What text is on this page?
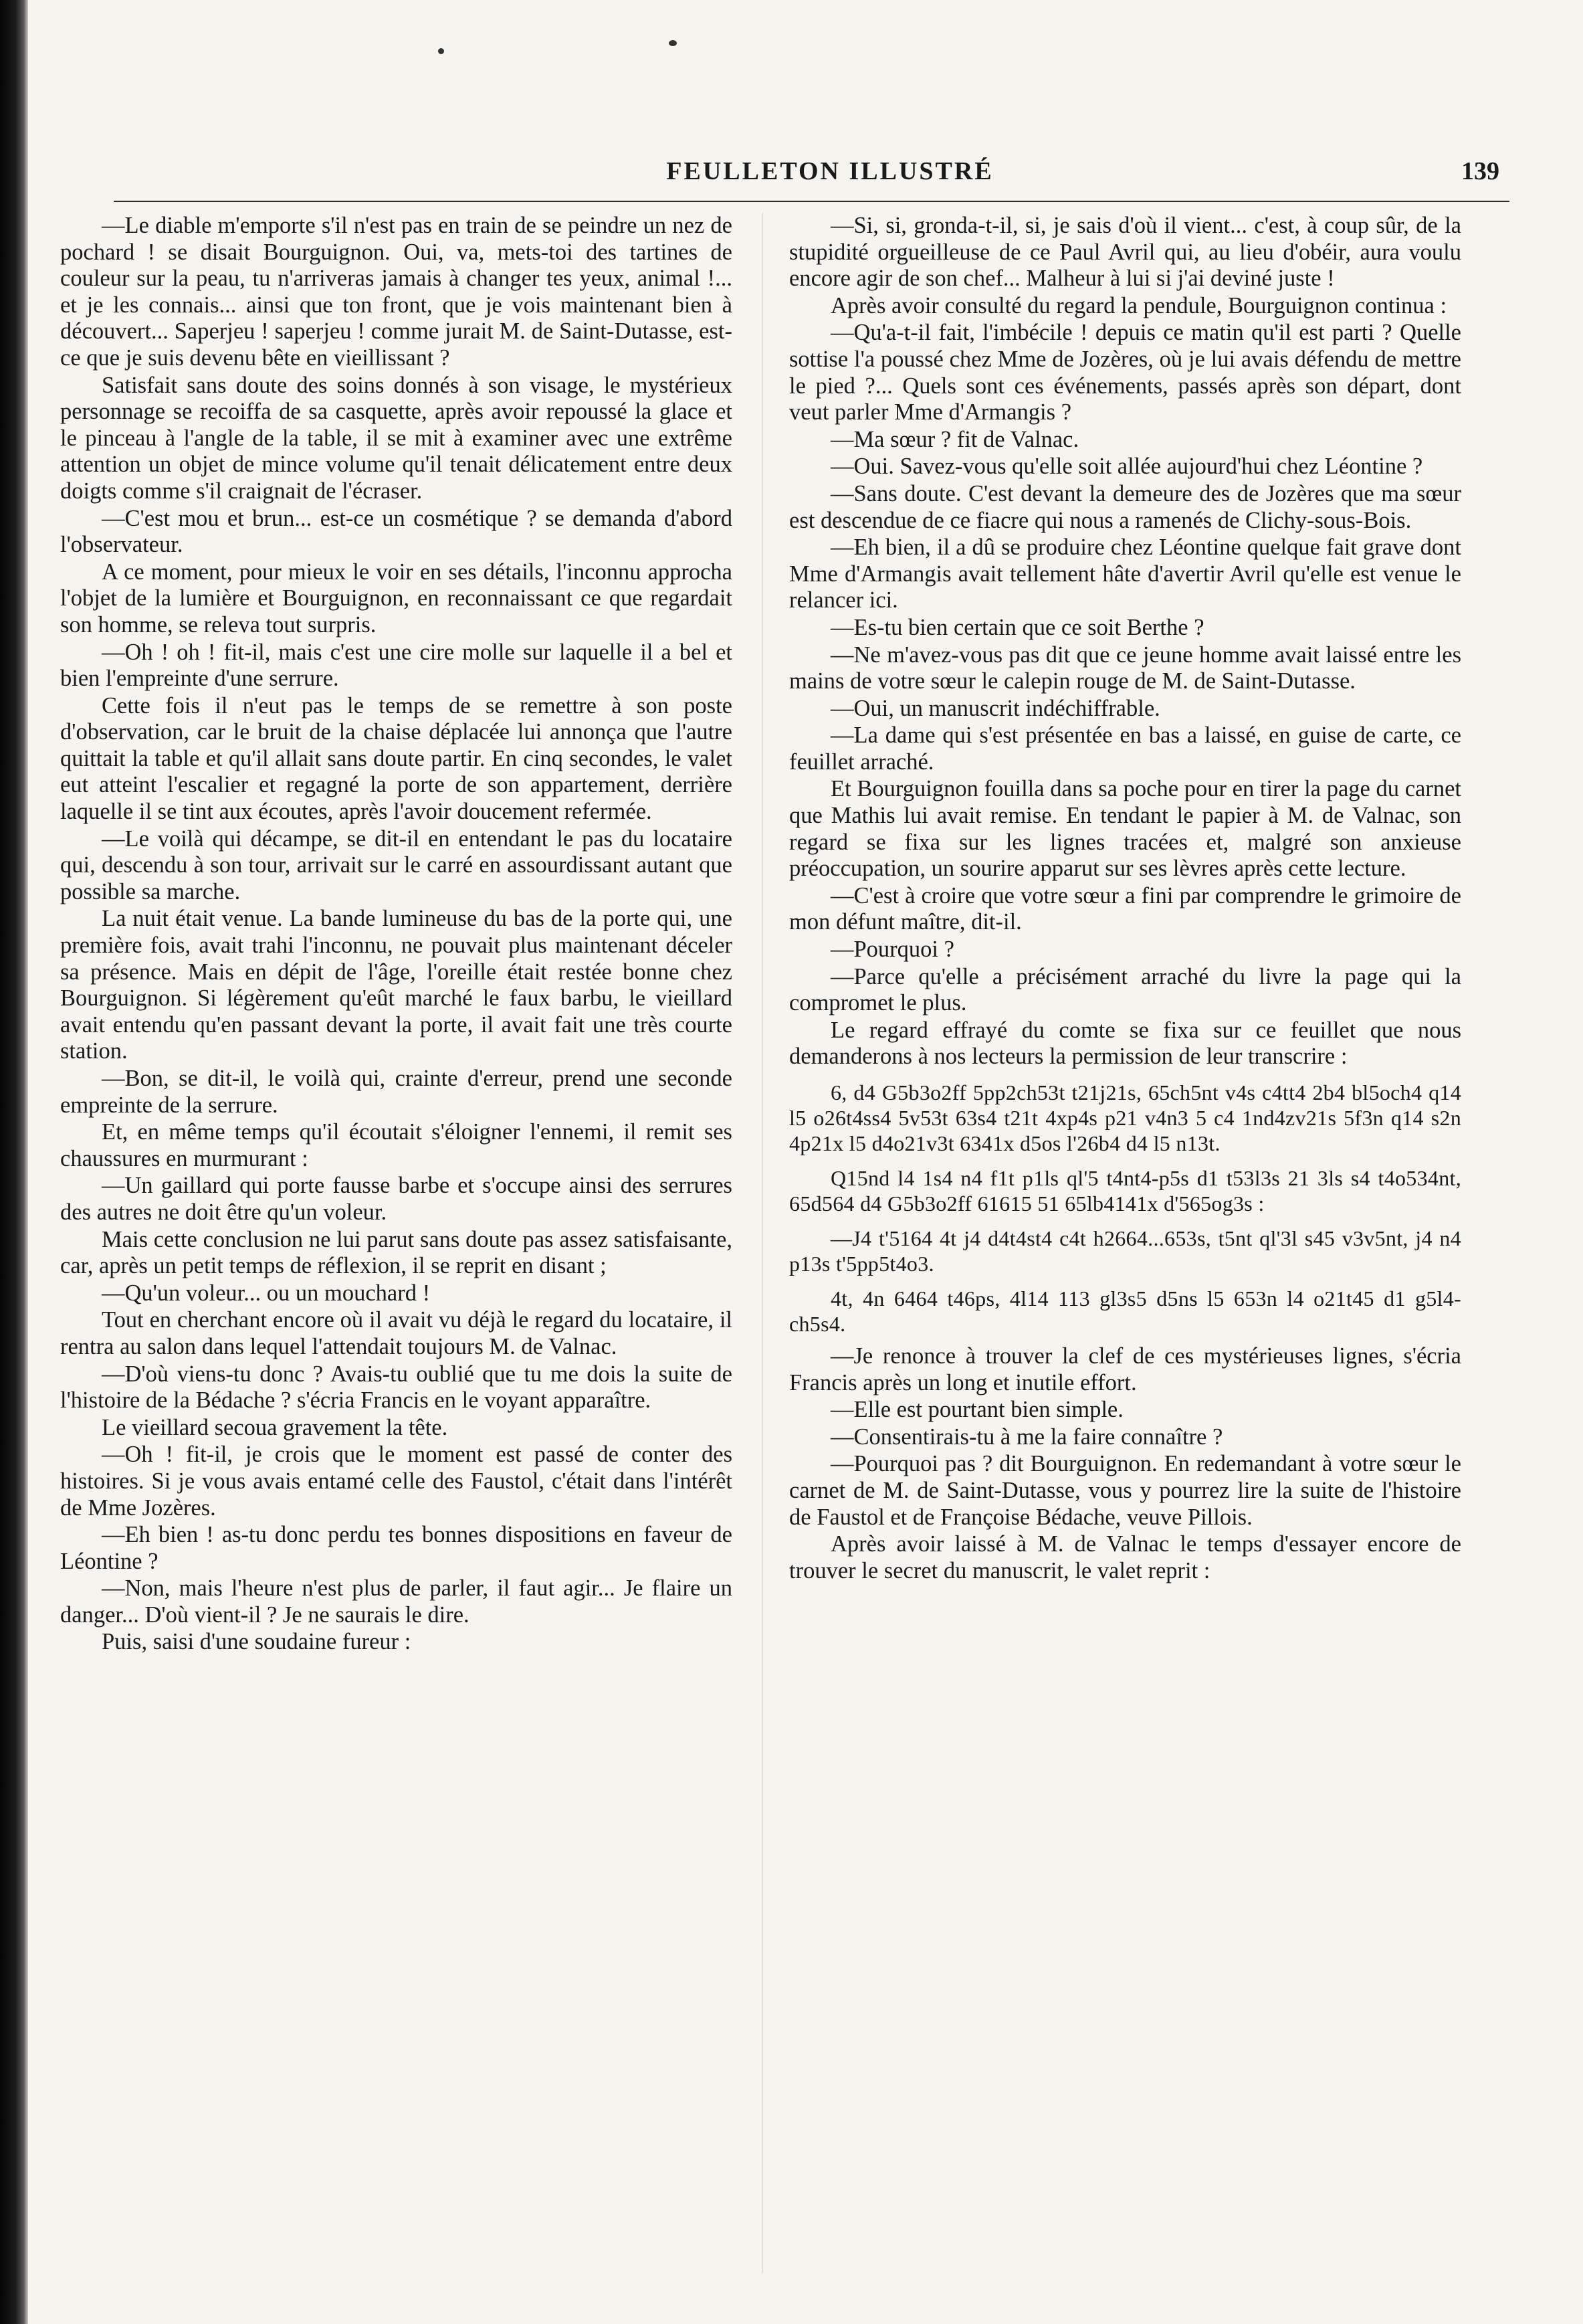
FEULLETON ILLUSTRÉ	139

—Le diable m'emporte s'il n'est pas en train de se peindre un nez de pochard ! se disait Bourguignon. Oui, va, mets-toi des tartines de couleur sur la peau, tu n'arriveras jamais à changer tes yeux, animal !... et je les connais... ainsi que ton front, que je vois maintenant bien à découvert... Saperjeu ! saperjeu ! comme jurait M. de Saint-Dutasse, est-ce que je suis devenu bête en vieillissant ?

Satisfait sans doute des soins donnés à son visage, le mystérieux personnage se recoiffa de sa casquette, après avoir repoussé la glace et le pinceau à l'angle de la table, il se mit à examiner avec une extrême attention un objet de mince volume qu'il tenait délicatement entre deux doigts comme s'il craignait de l'écraser.

—C'est mou et brun... est-ce un cosmétique ? se demanda d'abord l'observateur.

A ce moment, pour mieux le voir en ses détails, l'inconnu approcha l'objet de la lumière et Bourguignon, en reconnaissant ce que regardait son homme, se releva tout surpris.

—Oh ! oh ! fit-il, mais c'est une cire molle sur laquelle il a bel et bien l'empreinte d'une serrure.

Cette fois il n'eut pas le temps de se remettre à son poste d'observation, car le bruit de la chaise déplacée lui annonça que l'autre quittait la table et qu'il allait sans doute partir. En cinq secondes, le valet eut atteint l'escalier et regagné la porte de son appartement, derrière laquelle il se tint aux écoutes, après l'avoir doucement refermée.

—Le voilà qui décampe, se dit-il en entendant le pas du locataire qui, descendu à son tour, arrivait sur le carré en assourdissant autant que possible sa marche.

La nuit était venue. La bande lumineuse du bas de la porte qui, une première fois, avait trahi l'inconnu, ne pouvait plus maintenant déceler sa présence. Mais en dépit de l'âge, l'oreille était restée bonne chez Bourguignon. Si légèrement qu'eût marché le faux barbu, le vieillard avait entendu qu'en passant devant la porte, il avait fait une très courte station.

—Bon, se dit-il, le voilà qui, crainte d'erreur, prend une seconde empreinte de la serrure.

Et, en même temps qu'il écoutait s'éloigner l'ennemi, il remit ses chaussures en murmurant :

—Un gaillard qui porte fausse barbe et s'occupe ainsi des serrures des autres ne doit être qu'un voleur.

Mais cette conclusion ne lui parut sans doute pas assez satisfaisante, car, après un petit temps de réflexion, il se reprit en disant ;

—Qu'un voleur... ou un mouchard !

Tout en cherchant encore où il avait vu déjà le regard du locataire, il rentra au salon dans lequel l'attendait toujours M. de Valnac.

—D'où viens-tu donc ? Avais-tu oublié que tu me dois la suite de l'histoire de la Bédache ? s'écria Francis en le voyant apparaître.

Le vieillard secoua gravement la tête.

—Oh ! fit-il, je crois que le moment est passé de conter des histoires. Si je vous avais entamé celle des Faustol, c'était dans l'intérêt de Mme Jozères.

—Eh bien ! as-tu donc perdu tes bonnes dispositions en faveur de Léontine ?

—Non, mais l'heure n'est plus de parler, il faut agir... Je flaire un danger... D'où vient-il ? Je ne saurais le dire.

Puis, saisi d'une soudaine fureur :

—Si, si, gronda-t-il, si, je sais d'où il vient... c'est, à coup sûr, de la stupidité orgueilleuse de ce Paul Avril qui, au lieu d'obéir, aura voulu encore agir de son chef... Malheur à lui si j'ai deviné juste !

Après avoir consulté du regard la pendule, Bourguignon continua :

—Qu'a-t-il fait, l'imbécile ! depuis ce matin qu'il est parti ? Quelle sottise l'a poussé chez Mme de Jozères, où je lui avais défendu de mettre le pied ?... Quels sont ces événements, passés après son départ, dont veut parler Mme d'Armangis ?

—Ma sœur ? fit de Valnac.

—Oui. Savez-vous qu'elle soit allée aujourd'hui chez Léontine ?

—Sans doute. C'est devant la demeure des de Jozères que ma sœur est descendue de ce fiacre qui nous a ramenés de Clichy-sous-Bois.

—Eh bien, il a dû se produire chez Léontine quelque fait grave dont Mme d'Armangis avait tellement hâte d'avertir Avril qu'elle est venue le relancer ici.

—Es-tu bien certain que ce soit Berthe ?

—Ne m'avez-vous pas dit que ce jeune homme avait laissé entre les mains de votre sœur le calepin rouge de M. de Saint-Dutasse.

—Oui, un manuscrit indéchiffrable.

—La dame qui s'est présentée en bas a laissé, en guise de carte, ce feuillet arraché.

Et Bourguignon fouilla dans sa poche pour en tirer la page du carnet que Mathis lui avait remise. En tendant le papier à M. de Valnac, son regard se fixa sur les lignes tracées et, malgré son anxieuse préoccupation, un sourire apparut sur ses lèvres après cette lecture.

—C'est à croire que votre sœur a fini par comprendre le grimoire de mon défunt maître, dit-il.

—Pourquoi ?

—Parce qu'elle a précisément arraché du livre la page qui la compromet le plus.

Le regard effrayé du comte se fixa sur ce feuillet que nous demanderons à nos lecteurs la permission de leur transcrire :

6, d4 G5b3o2ff 5pp2ch53t t21j21s, 65ch5nt v4s c4tt4 2b4 bl5och4 q14 l5 o26t4ss4 5v53t 63s4 t21t 4xp4s p21 v4n3 5 c4 1nd4zv21s 5f3n q14 s2n 4p21x l5 d4o21v3t 6341x d5os l'26b4 d4 l5 n13t.

Q15nd l4 1s4 n4 f1t p1ls ql'5 t4nt4-p5s d1 t53l3s 21 3ls s4 t4o534nt, 65d564 d4 G5b3o2ff 61615 51 65lb4141x d'565og3s :

—J4 t'5164 4t j4 d4t4st4 c4t h2664...653s, t5nt ql'3l s45 v3v5nt, j4 n4 p13s t'5pp5t4o3.

4t, 4n 6464 t46ps, 4l14 113 gl3s5 d5ns l5 653n l4 o21t45 d1 g5l4-ch5s4.

—Je renonce à trouver la clef de ces mystérieuses lignes, s'écria Francis après un long et inutile effort.

—Elle est pourtant bien simple.

—Consentirais-tu à me la faire connaître ?

—Pourquoi pas ? dit Bourguignon. En redemandant à votre sœur le carnet de M. de Saint-Dutasse, vous y pourrez lire la suite de l'histoire de Faustol et de Françoise Bédache, veuve Pillois.

Après avoir laissé à M. de Valnac le temps d'essayer encore de trouver le secret du manuscrit, le valet reprit :
